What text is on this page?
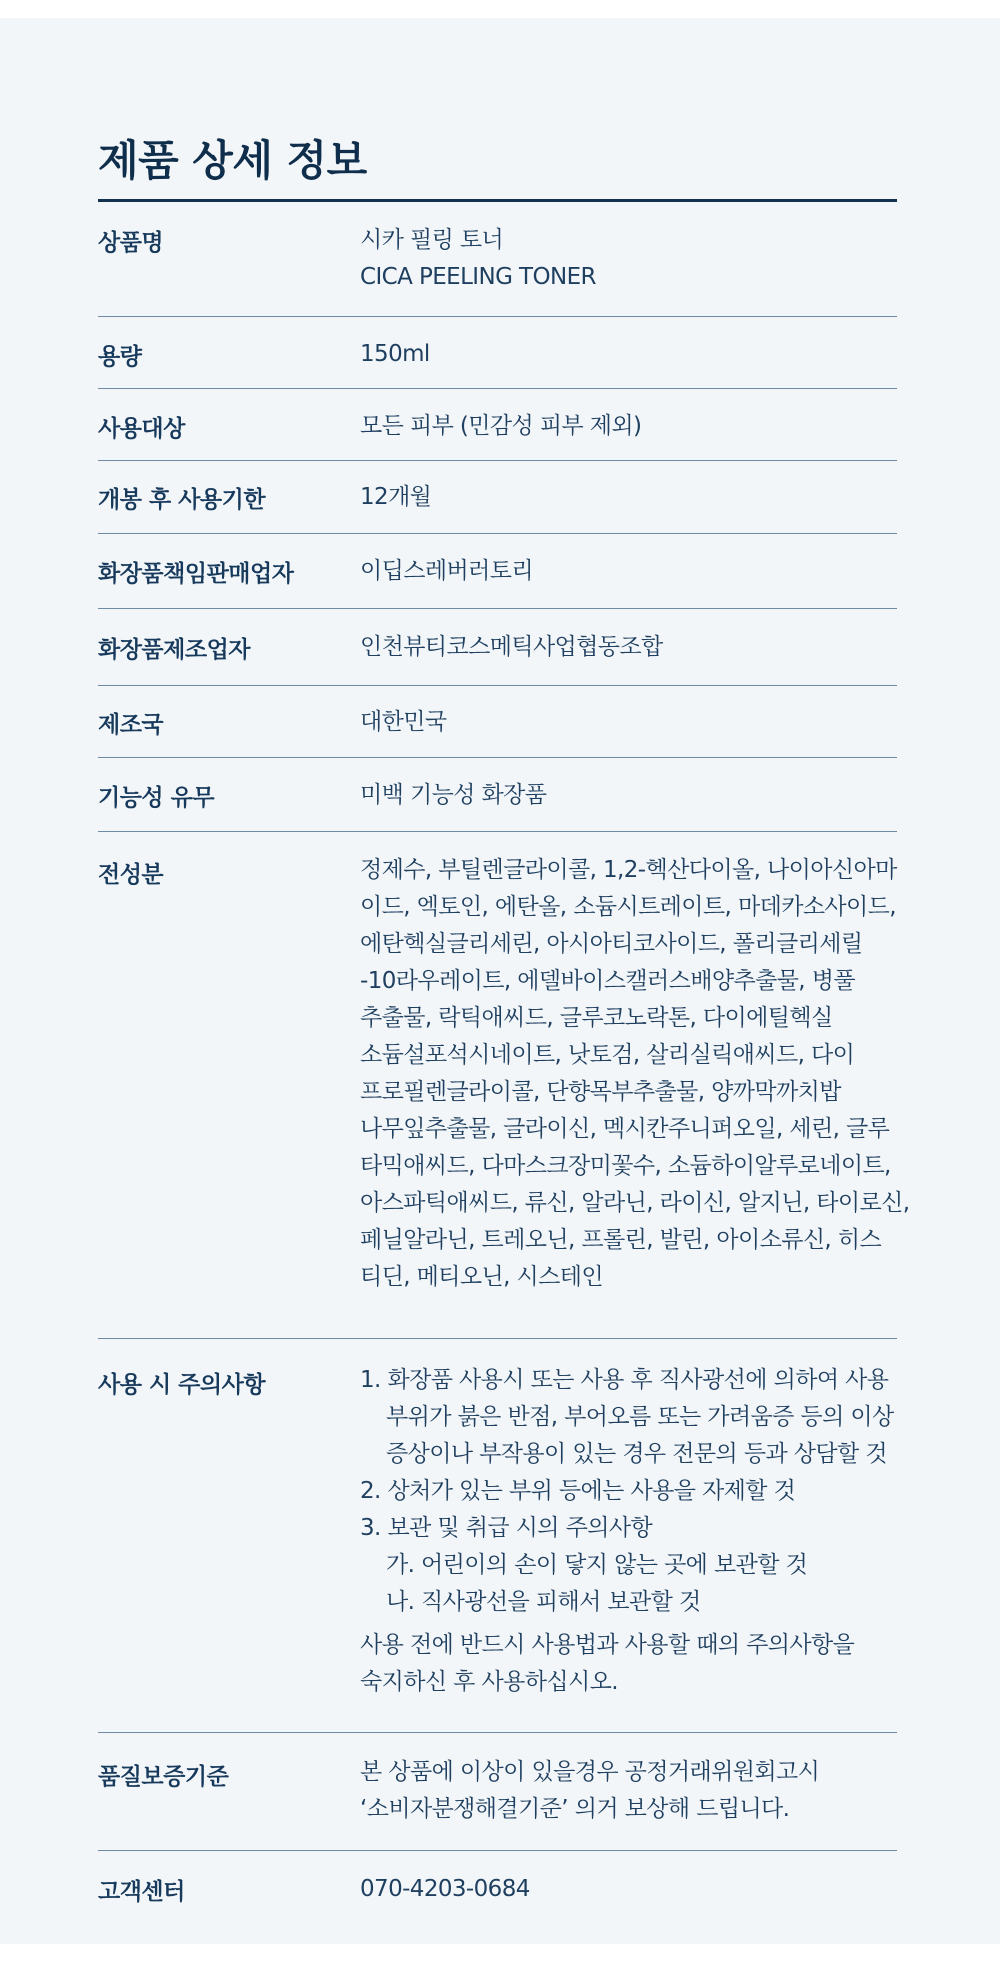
제품 상세 정보
상품명	시카 필링 토너
CICA PEELING TONER
용량	150ml
사용대상	모든 피부 (민감성 피부 제외)
개봉 후 사용기한	12개월
화장품책임판매업자	이딥스레버러토리
화장품제조업자	인천뷰티코스메틱사업협동조합
제조국	대한민국
기능성 유무	미백 기능성 화장품
전성분	정제수, 부틸렌글라이콜, 1,2-헥산다이올, 나이아신아마
이드, 엑토인, 에탄올, 소듐시트레이트, 마데카소사이드,
에탄헥실글리세린, 아시아티코사이드, 폴리글리세릴
-10라우레이트, 에델바이스캘러스배양추출물, 병풀
추출물, 락틱애씨드, 글루코노락톤, 다이에틸헥실
소듐설포석시네이트, 낫토검, 살리실릭애씨드, 다이
프로필렌글라이콜, 단향목부추출물, 양까막까치밥
나무잎추출물, 글라이신, 멕시칸주니퍼오일, 세린, 글루
타믹애씨드, 다마스크장미꽃수, 소듐하이알루로네이트,
아스파틱애씨드, 류신, 알라닌, 라이신, 알지닌, 타이로신,
페닐알라닌, 트레오닌, 프롤린, 발린, 아이소류신, 히스
티딘, 메티오닌, 시스테인
사용 시 주의사항	1. 화장품 사용시 또는 사용 후 직사광선에 의하여 사용
부위가 붉은 반점, 부어오름 또는 가려움증 등의 이상
증상이나 부작용이 있는 경우 전문의 등과 상담할 것
2. 상처가 있는 부위 등에는 사용을 자제할 것
3. 보관 및 취급 시의 주의사항
가. 어린이의 손이 닿지 않는 곳에 보관할 것
나. 직사광선을 피해서 보관할 것
사용 전에 반드시 사용법과 사용할 때의 주의사항을
숙지하신 후 사용하십시오.
품질보증기준	본 상품에 이상이 있을경우 공정거래위원회고시
‘소비자분쟁해결기준’ 의거 보상해 드립니다.
고객센터	070-4203-0684
